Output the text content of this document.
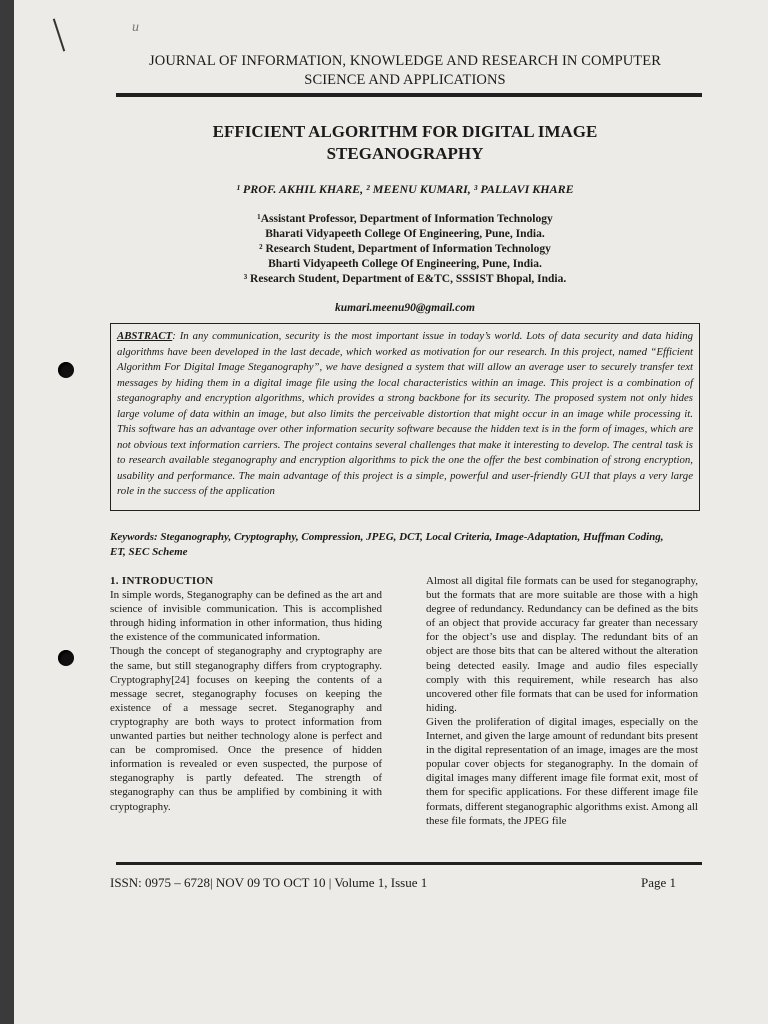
u
JOURNAL OF INFORMATION, KNOWLEDGE AND RESEARCH IN COMPUTER
SCIENCE AND APPLICATIONS
EFFICIENT ALGORITHM FOR DIGITAL IMAGE
STEGANOGRAPHY
¹ PROF. AKHIL KHARE, ² MEENU KUMARI, ³ PALLAVI KHARE
¹Assistant Professor, Department of Information Technology
Bharati Vidyapeeth College Of Engineering, Pune, India.
² Research Student, Department of Information Technology
Bharti Vidyapeeth College Of Engineering, Pune, India.
³ Research Student, Department of E&TC, SSSIST Bhopal, India.
kumari.meenu90@gmail.com
ABSTRACT: In any communication, security is the most important issue in today’s world. Lots of data security and data hiding algorithms have been developed in the last decade, which worked as motivation for our research. In this project, named “Efficient Algorithm For Digital Image Steganography”, we have designed a system that will allow an average user to securely transfer text messages by hiding them in a digital image file using the local characteristics within an image. This project is a combination of steganography and encryption algorithms, which provides a strong backbone for its security. The proposed system not only hides large volume of data within an image, but also limits the perceivable distortion that might occur in an image while processing it. This software has an advantage over other information security software because the hidden text is in the form of images, which are not obvious text information carriers. The project contains several challenges that make it interesting to develop. The central task is to research available steganography and encryption algorithms to pick the one the offer the best combination of strong encryption, usability and performance. The main advantage of this project is a simple, powerful and user-friendly GUI that plays a very large role in the success of the application
Keywords: Steganography, Cryptography, Compression, JPEG, DCT, Local Criteria, Image-Adaptation, Huffman Coding, ET, SEC Scheme

1. INTRODUCTION

In simple words, Steganography can be defined as the art and science of invisible communication. This is accomplished through hiding information in other information, thus hiding the existence of the communicated information.

Though the concept of steganography and cryptography are the same, but still steganography differs from cryptography. Cryptography[24] focuses on keeping the contents of a message secret, steganography focuses on keeping the existence of a message secret. Steganography and cryptography are both ways to protect information from unwanted parties but neither technology alone is perfect and can be compromised. Once the presence of hidden information is revealed or even suspected, the purpose of steganography is partly defeated. The strength of steganography can thus be amplified by combining it with cryptography.

Almost all digital file formats can be used for steganography, but the formats that are more suitable are those with a high degree of redundancy. Redundancy can be defined as the bits of an object that provide accuracy far greater than necessary for the object’s use and display. The redundant bits of an object are those bits that can be altered without the alteration being detected easily. Image and audio files especially comply with this requirement, while research has also uncovered other file formats that can be used for information hiding.

Given the proliferation of digital images, especially on the Internet, and given the large amount of redundant bits present in the digital representation of an image, images are the most popular cover objects for steganography. In the domain of digital images many different image file format exit, most of them for specific applications. For these different image file formats, different steganographic algorithms exist. Among all these file formats, the JPEG file

ISSN: 0975 – 6728| NOV 09 TO OCT 10 | Volume 1, Issue 1	Page 1
